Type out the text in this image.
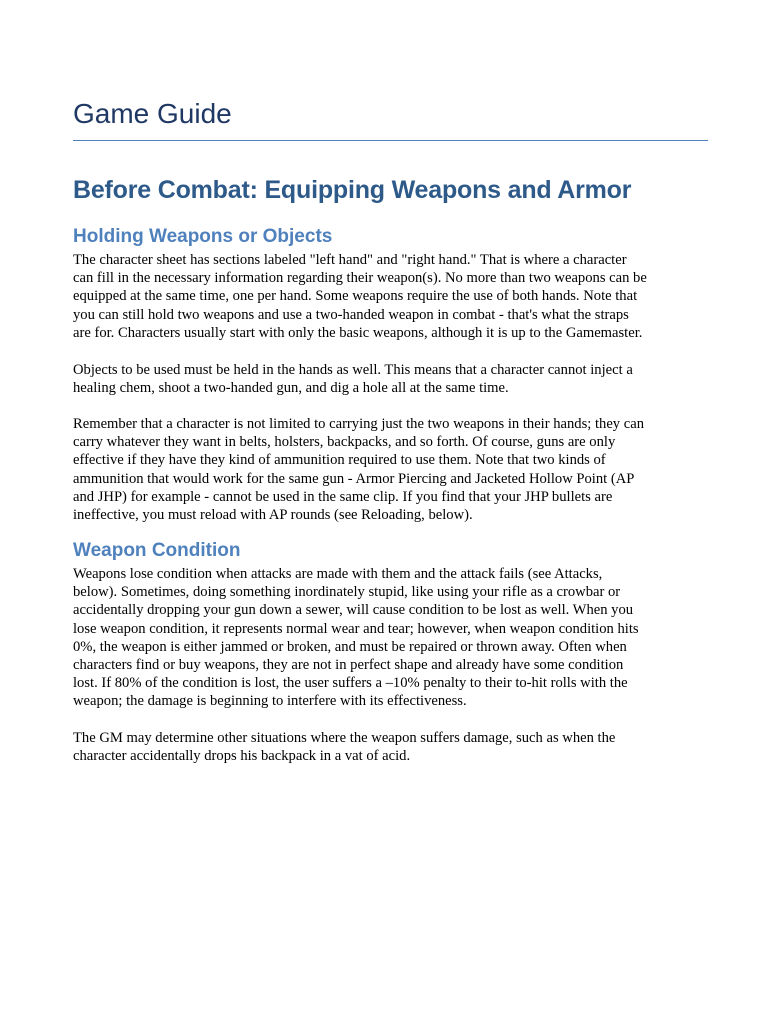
Game Guide
Before Combat: Equipping Weapons and Armor
Holding Weapons or Objects
The character sheet has sections labeled "left hand" and "right hand." That is where a character
can fill in the necessary information regarding their weapon(s). No more than two weapons can be
equipped at the same time, one per hand. Some weapons require the use of both hands. Note that
you can still hold two weapons and use a two-handed weapon in combat - that's what the straps
are for. Characters usually start with only the basic weapons, although it is up to the Gamemaster.
Objects to be used must be held in the hands as well. This means that a character cannot inject a
healing chem, shoot a two-handed gun, and dig a hole all at the same time.
Remember that a character is not limited to carrying just the two weapons in their hands; they can
carry whatever they want in belts, holsters, backpacks, and so forth. Of course, guns are only
effective if they have they kind of ammunition required to use them. Note that two kinds of
ammunition that would work for the same gun - Armor Piercing and Jacketed Hollow Point (AP
and JHP) for example - cannot be used in the same clip. If you find that your JHP bullets are
ineffective, you must reload with AP rounds (see Reloading, below).
Weapon Condition
Weapons lose condition when attacks are made with them and the attack fails (see Attacks,
below). Sometimes, doing something inordinately stupid, like using your rifle as a crowbar or
accidentally dropping your gun down a sewer, will cause condition to be lost as well. When you
lose weapon condition, it represents normal wear and tear; however, when weapon condition hits
0%, the weapon is either jammed or broken, and must be repaired or thrown away. Often when
characters find or buy weapons, they are not in perfect shape and already have some condition
lost. If 80% of the condition is lost, the user suffers a –10% penalty to their to-hit rolls with the
weapon; the damage is beginning to interfere with its effectiveness.
The GM may determine other situations where the weapon suffers damage, such as when the
character accidentally drops his backpack in a vat of acid.
